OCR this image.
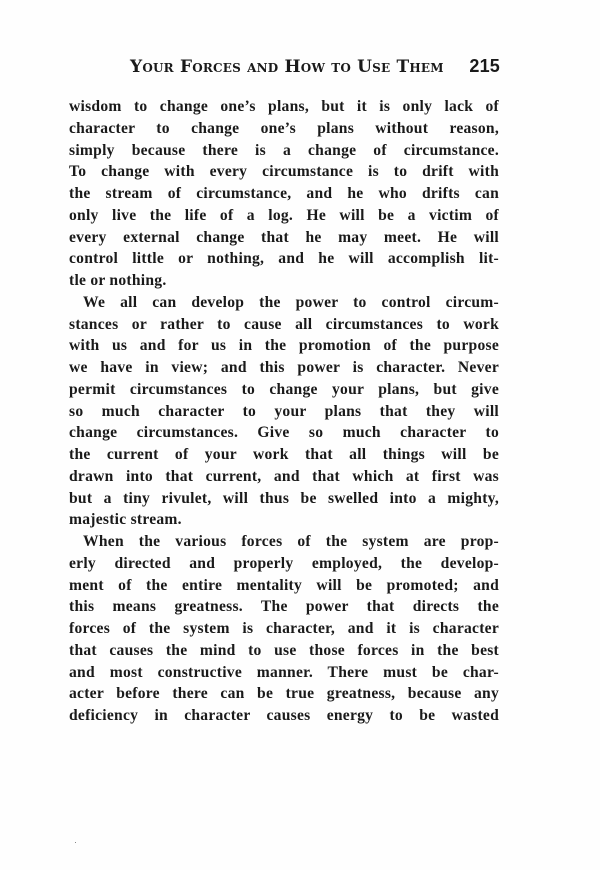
Your Forces and How to Use Them 215
wisdom to change one’s plans, but it is only lack of
character to change one’s plans without reason,
simply because there is a change of circumstance.
To change with every circumstance is to drift with
the stream of circumstance, and he who drifts can
only live the life of a log. He will be a victim of
every external change that he may meet. He will
control little or nothing, and he will accomplish lit-
tle or nothing.
We all can develop the power to control circum-
stances or rather to cause all circumstances to work
with us and for us in the promotion of the purpose
we have in view; and this power is character. Never
permit circumstances to change your plans, but give
so much character to your plans that they will
change circumstances. Give so much character to
the current of your work that all things will be
drawn into that current, and that which at first was
but a tiny rivulet, will thus be swelled into a mighty,
majestic stream.
When the various forces of the system are prop-
erly directed and properly employed, the develop-
ment of the entire mentality will be promoted; and
this means greatness. The power that directs the
forces of the system is character, and it is character
that causes the mind to use those forces in the best
and most constructive manner. There must be char-
acter before there can be true greatness, because any
deficiency in character causes energy to be wasted
